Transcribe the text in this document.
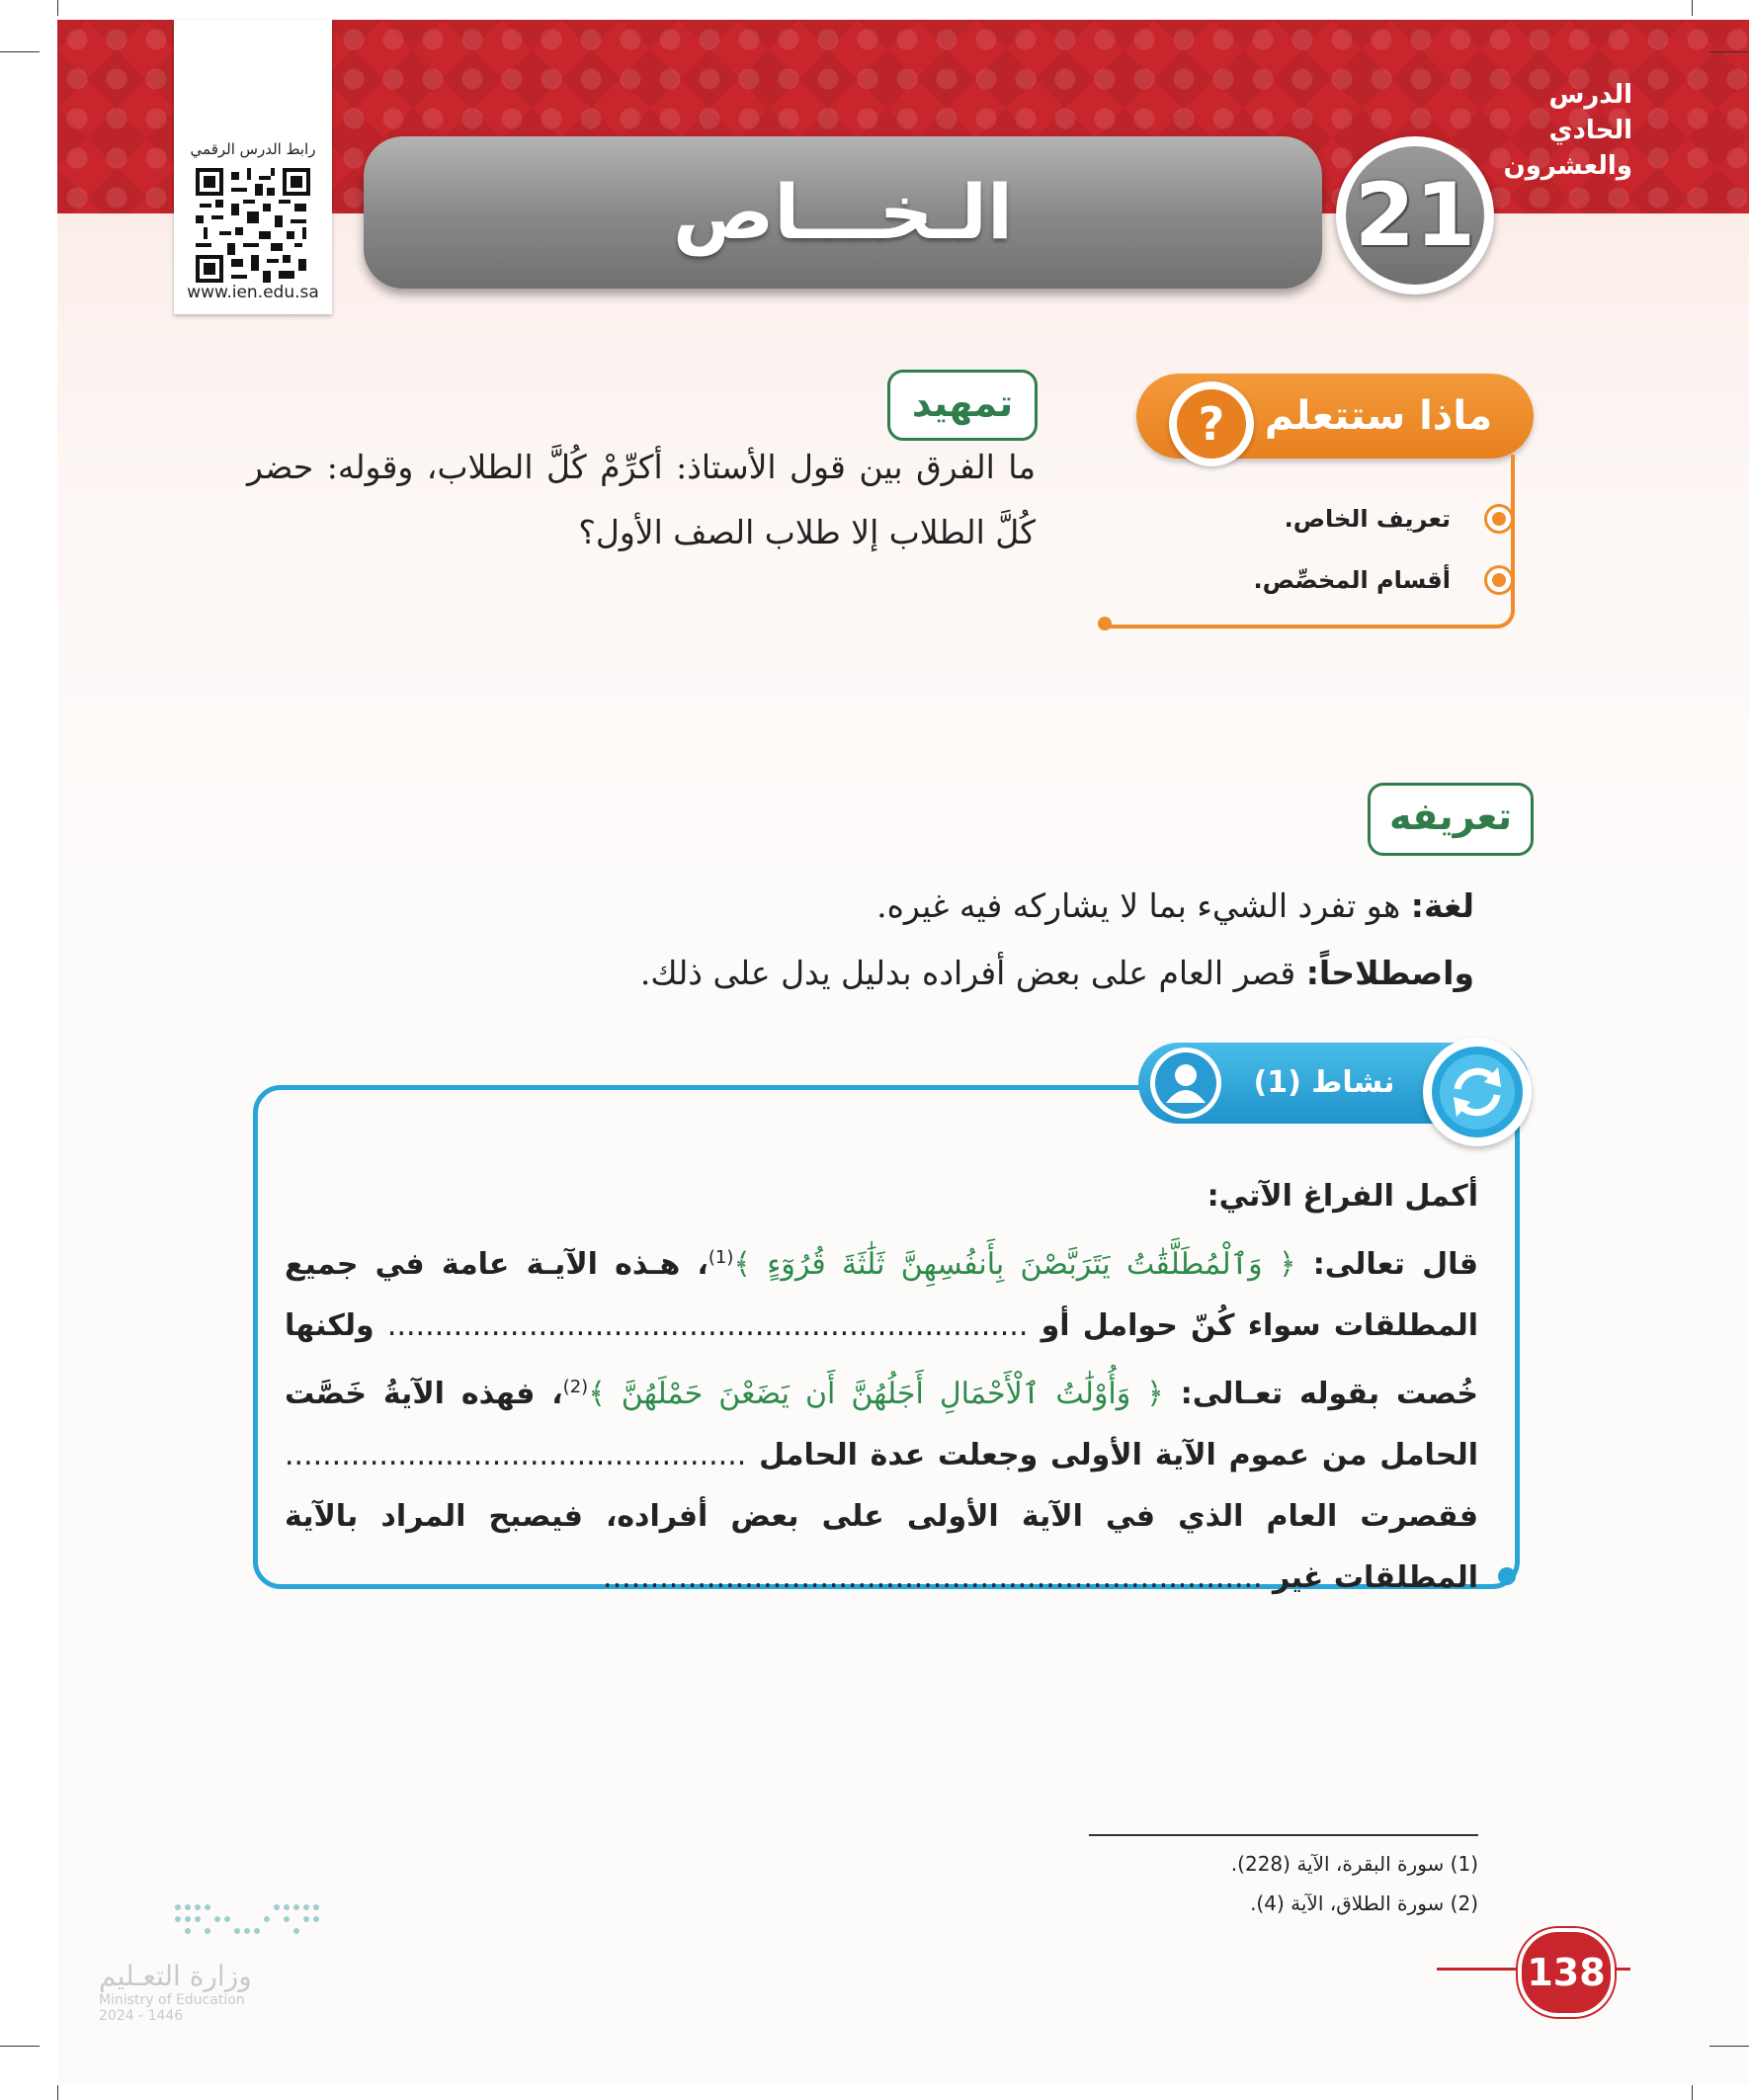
رابط الدرس الرقمي
www.ien.edu.sa
الـخـــاص	21
الدرس الحادي والعشرون
ماذا ستتعلم
?
تعريف الخاص.
أقسام المخصِّص.
تمهيد
ما الفرق بين قول الأستاذ: أكرِّمْ كُلَّ الطلاب، وقوله: حضر كُلَّ الطلاب إلا طلاب الصف الأول؟
تعريفه
لغة: هو تفرد الشيء بما لا يشاركه فيه غيره.
واصطلاحاً: قصر العام على بعض أفراده بدليل يدل على ذلك.
نشاط (1)

أكمل الفراغ الآتي:

قال تعالى: ﴿ وَٱلْمُطَلَّقَٰتُ يَتَرَبَّصْنَ بِأَنفُسِهِنَّ ثَلَٰثَةَ قُرُوٓءٍ ﴾$^{(1)}$، هـذه الآيـة عامة في جميع المطلقات سواء كُنّ حوامل أو .................................................................... ولكنها خُصت بقوله تعـالى: ﴿ وَأُوْلَٰتُ ٱلْأَحْمَالِ أَجَلُهُنَّ أَن يَضَعْنَ حَمْلَهُنَّ ﴾$^{(2)}$، فهذه الآيةُ خَصَّت الحامل من عموم الآية الأولى وجعلت عدة الحامل ................................................. فقصرت العام الذي في الآية الأولى على بعض أفراده، فيصبح المراد بالآية المطلقات غير ......................................................................

(1) سورة البقرة، الآية (228).
(2) سورة الطلاق، الآية (4).
138
وزارة التعـليم
Ministry of Education
2024 - 1446
